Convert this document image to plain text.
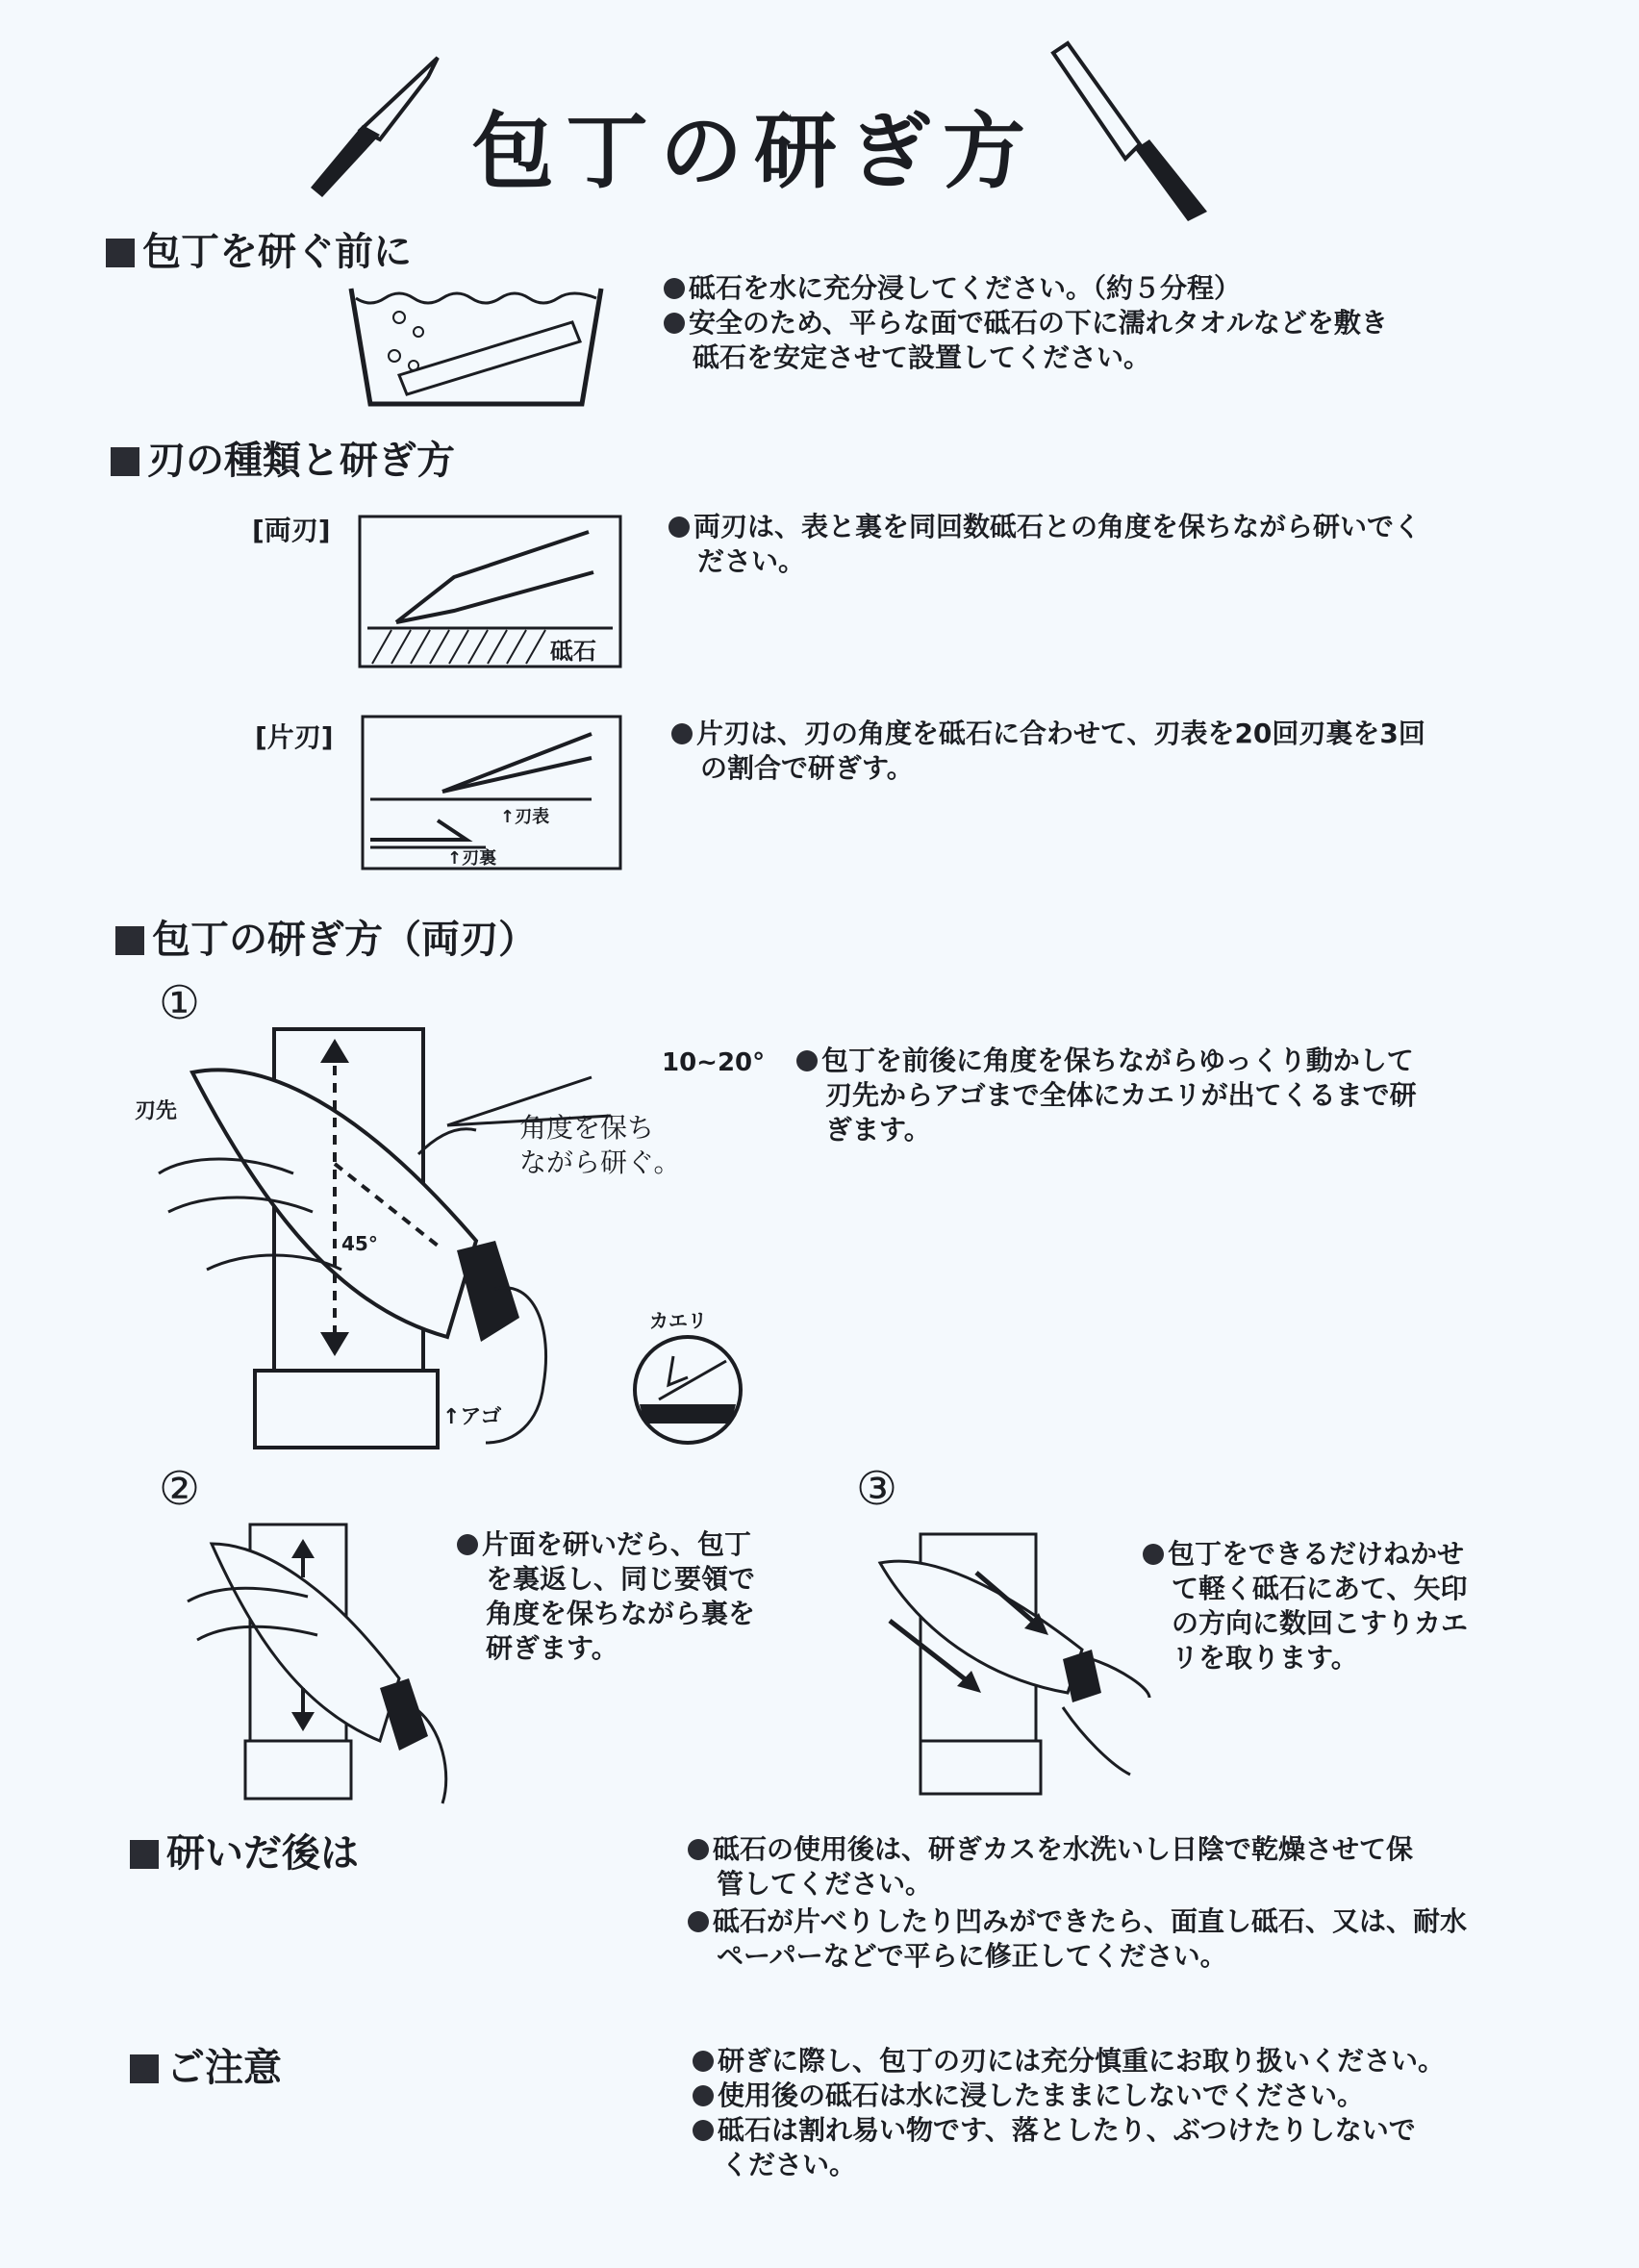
包丁の研ぎ方
包丁を研ぐ前に
砥石を水に充分浸してください。（約５分程）
安全のため、平らな面で砥石の下に濡れタオルなどを敷き
砥石を安定させて設置してください。
刃の種類と研ぎ方
[両刃]
砥石
両刃は、表と裏を同回数砥石との角度を保ちながら研いでく
ださい。
[片刃]
↑刃表
↑刃裏
片刃は、刃の角度を砥石に合わせて、刃表を20回刃裏を3回
の割合で研ぎす。
包丁の研ぎ方（両刃）
①
刃先
45°
↑アゴ
カエリ
10~20°
角度を保ち
ながら研ぐ。
包丁を前後に角度を保ちながらゆっくり動かして
刃先からアゴまで全体にカエリが出てくるまで研
ぎます。
②
片面を研いだら、包丁
を裏返し、同じ要領で
角度を保ちながら裏を
研ぎます。
③
包丁をできるだけねかせ
て軽く砥石にあて、矢印
の方向に数回こすりカエ
リを取ります。
研いだ後は	砥石の使用後は、研ぎカスを水洗いし日陰で乾燥させて保
管してください。
砥石が片べりしたり凹みができたら、面直し砥石、又は、耐水
ペーパーなどで平らに修正してください。
ご注意	研ぎに際し、包丁の刃には充分慎重にお取り扱いください。
使用後の砥石は水に浸したままにしないでください。
砥石は割れ易い物です、落としたり、ぶつけたりしないで
ください。
